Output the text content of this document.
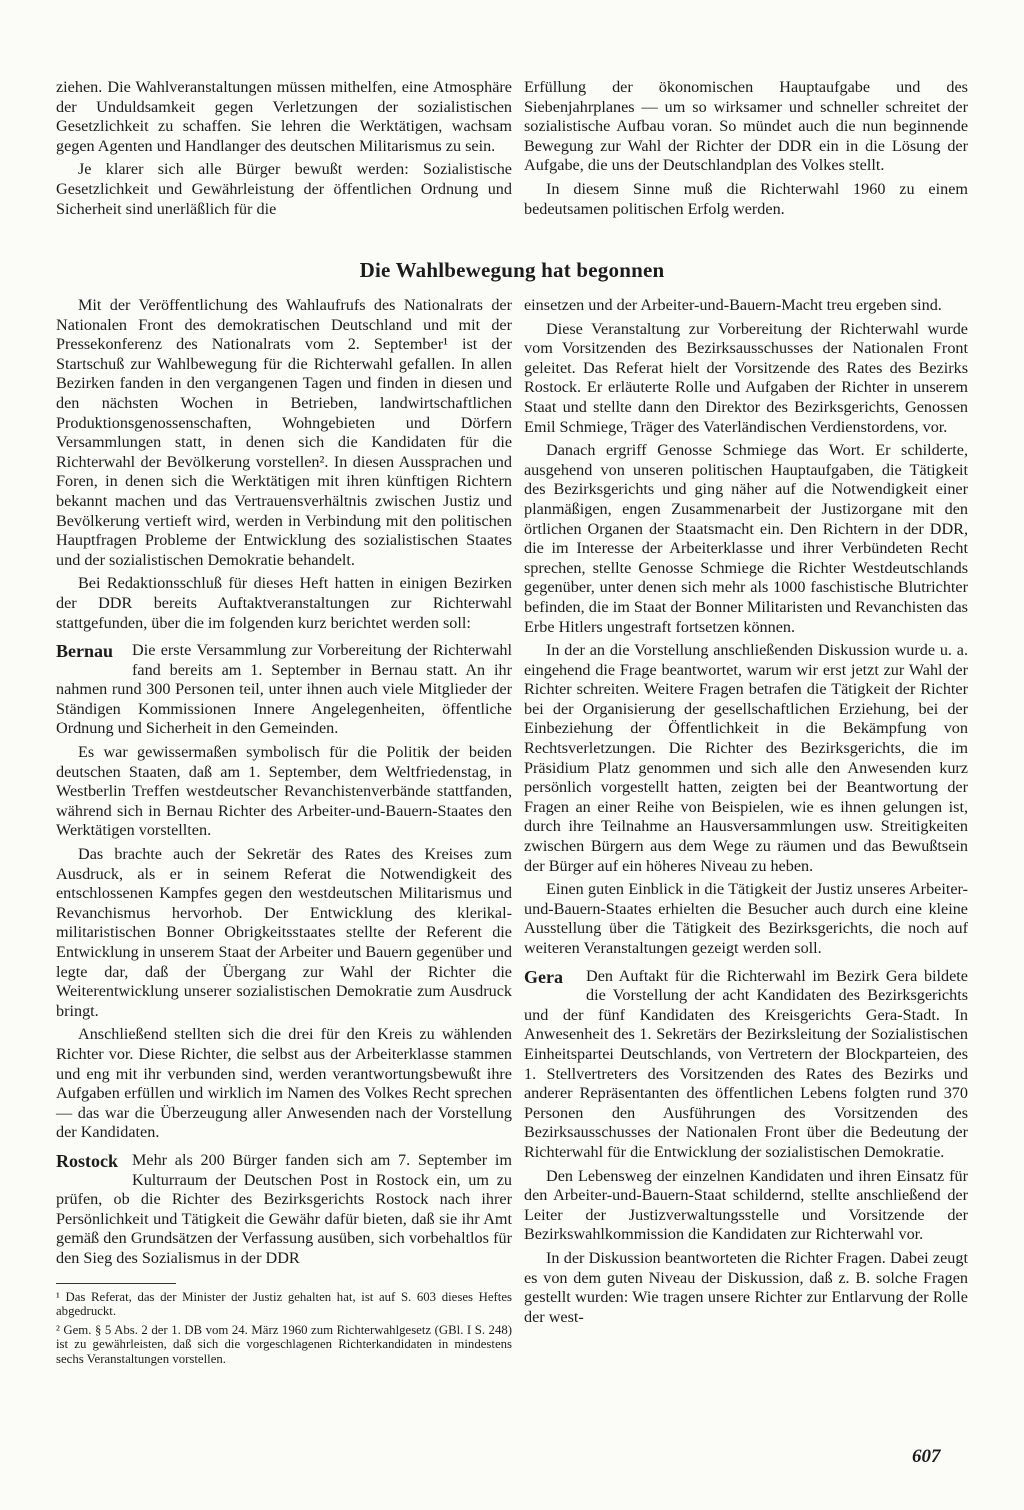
ziehen. Die Wahlveranstaltungen müssen mithelfen, eine Atmosphäre der Unduldsamkeit gegen Verletzungen der sozialistischen Gesetzlichkeit zu schaffen. Sie lehren die Werktätigen, wachsam gegen Agenten und Handlanger des deutschen Militarismus zu sein.

Je klarer sich alle Bürger bewußt werden: Sozialistische Gesetzlichkeit und Gewährleistung der öffentlichen Ordnung und Sicherheit sind unerläßlich für die

Erfüllung der ökonomischen Hauptaufgabe und des Siebenjahrplanes — um so wirksamer und schneller schreitet der sozialistische Aufbau voran. So mündet auch die nun beginnende Bewegung zur Wahl der Richter der DDR ein in die Lösung der Aufgabe, die uns der Deutschlandplan des Volkes stellt.

In diesem Sinne muß die Richterwahl 1960 zu einem bedeutsamen politischen Erfolg werden.

Die Wahlbewegung hat begonnen

Mit der Veröffentlichung des Wahlaufrufs des Nationalrats der Nationalen Front des demokratischen Deutschland und mit der Pressekonferenz des Nationalrats vom 2. September¹ ist der Startschuß zur Wahlbewegung für die Richterwahl gefallen. In allen Bezirken fanden in den vergangenen Tagen und finden in diesen und den nächsten Wochen in Betrieben, landwirtschaftlichen Produktionsgenossenschaften, Wohngebieten und Dörfern Versammlungen statt, in denen sich die Kandidaten für die Richterwahl der Bevölkerung vorstellen². In diesen Aussprachen und Foren, in denen sich die Werktätigen mit ihren künftigen Richtern bekannt machen und das Vertrauensverhältnis zwischen Justiz und Bevölkerung vertieft wird, werden in Verbindung mit den politischen Hauptfragen Probleme der Entwicklung des sozialistischen Staates und der sozialistischen Demokratie behandelt.

Bei Redaktionsschluß für dieses Heft hatten in einigen Bezirken der DDR bereits Auftaktveranstaltungen zur Richterwahl stattgefunden, über die im folgenden kurz berichtet werden soll:

Bernau	Die erste Versammlung zur Vorbereitung der Richterwahl fand bereits am 1. September in Bernau statt. An ihr nahmen rund 300 Personen teil, unter ihnen auch viele Mitglieder der Ständigen Kommissionen Innere Angelegenheiten, öffentliche Ordnung und Sicherheit in den Gemeinden.

Es war gewissermaßen symbolisch für die Politik der beiden deutschen Staaten, daß am 1. September, dem Weltfriedenstag, in Westberlin Treffen westdeutscher Revanchistenverbände stattfanden, während sich in Bernau Richter des Arbeiter-und-Bauern-Staates den Werktätigen vorstellten.

Das brachte auch der Sekretär des Rates des Kreises zum Ausdruck, als er in seinem Referat die Notwendigkeit des entschlossenen Kampfes gegen den westdeutschen Militarismus und Revanchismus hervorhob. Der Entwicklung des klerikal-militaristischen Bonner Obrigkeitsstaates stellte der Referent die Entwicklung in unserem Staat der Arbeiter und Bauern gegenüber und legte dar, daß der Übergang zur Wahl der Richter die Weiterentwicklung unserer sozialistischen Demokratie zum Ausdruck bringt.

Anschließend stellten sich die drei für den Kreis zu wählenden Richter vor. Diese Richter, die selbst aus der Arbeiterklasse stammen und eng mit ihr verbunden sind, werden verantwortungsbewußt ihre Aufgaben erfüllen und wirklich im Namen des Volkes Recht sprechen — das war die Überzeugung aller Anwesenden nach der Vorstellung der Kandidaten.

Rostock Mehr als 200 Bürger fanden sich am 7. September im Kulturraum der Deutschen Post in Rostock ein, um zu prüfen, ob die Richter des Bezirksgerichts Rostock nach ihrer Persönlichkeit und Tätigkeit die Gewähr dafür bieten, daß sie ihr Amt gemäß den Grundsätzen der Verfassung ausüben, sich vorbehaltlos für den Sieg des Sozialismus in der DDR

¹ Das Referat, das der Minister der Justiz gehalten hat, ist auf S. 603 dieses Heftes abgedruckt.

² Gem. § 5 Abs. 2 der 1. DB vom 24. März 1960 zum Richterwahlgesetz (GBl. I S. 248) ist zu gewährleisten, daß sich die vorgeschlagenen Richterkandidaten in mindestens sechs Veranstaltungen vorstellen.

einsetzen und der Arbeiter-und-Bauern-Macht treu ergeben sind.

Diese Veranstaltung zur Vorbereitung der Richterwahl wurde vom Vorsitzenden des Bezirksausschusses der Nationalen Front geleitet. Das Referat hielt der Vorsitzende des Rates des Bezirks Rostock. Er erläuterte Rolle und Aufgaben der Richter in unserem Staat und stellte dann den Direktor des Bezirksgerichts, Genossen Emil Schmiege, Träger des Vaterländischen Verdienstordens, vor.

Danach ergriff Genosse Schmiege das Wort. Er schilderte, ausgehend von unseren politischen Hauptaufgaben, die Tätigkeit des Bezirksgerichts und ging näher auf die Notwendigkeit einer planmäßigen, engen Zusammenarbeit der Justizorgane mit den örtlichen Organen der Staatsmacht ein. Den Richtern in der DDR, die im Interesse der Arbeiterklasse und ihrer Verbündeten Recht sprechen, stellte Genosse Schmiege die Richter Westdeutschlands gegenüber, unter denen sich mehr als 1000 faschistische Blutrichter befinden, die im Staat der Bonner Militaristen und Revanchisten das Erbe Hitlers ungestraft fortsetzen können.

In der an die Vorstellung anschließenden Diskussion wurde u. a. eingehend die Frage beantwortet, warum wir erst jetzt zur Wahl der Richter schreiten. Weitere Fragen betrafen die Tätigkeit der Richter bei der Organisierung der gesellschaftlichen Erziehung, bei der Einbeziehung der Öffentlichkeit in die Bekämpfung von Rechtsverletzungen. Die Richter des Bezirksgerichts, die im Präsidium Platz genommen und sich alle den Anwesenden kurz persönlich vorgestellt hatten, zeigten bei der Beantwortung der Fragen an einer Reihe von Beispielen, wie es ihnen gelungen ist, durch ihre Teilnahme an Hausversammlungen usw. Streitigkeiten zwischen Bürgern aus dem Wege zu räumen und das Bewußtsein der Bürger auf ein höheres Niveau zu heben.

Einen guten Einblick in die Tätigkeit der Justiz unseres Arbeiter-und-Bauern-Staates erhielten die Besucher auch durch eine kleine Ausstellung über die Tätigkeit des Bezirksgerichts, die noch auf weiteren Veranstaltungen gezeigt werden soll.

Gera	Den Auftakt für die Richterwahl im Bezirk Gera bildete die Vorstellung der acht Kandidaten des Bezirksgerichts und der fünf Kandidaten des Kreisgerichts Gera-Stadt. In Anwesenheit des 1. Sekretärs der Bezirksleitung der Sozialistischen Einheitspartei Deutschlands, von Vertretern der Blockparteien, des 1. Stellvertreters des Vorsitzenden des Rates des Bezirks und anderer Repräsentanten des öffentlichen Lebens folgten rund 370 Personen den Ausführungen des Vorsitzenden des Bezirksausschusses der Nationalen Front über die Bedeutung der Richterwahl für die Entwicklung der sozialistischen Demokratie.

Den Lebensweg der einzelnen Kandidaten und ihren Einsatz für den Arbeiter-und-Bauern-Staat schildernd, stellte anschließend der Leiter der Justizverwaltungsstelle und Vorsitzende der Bezirkswahlkommission die Kandidaten zur Richterwahl vor.

In der Diskussion beantworteten die Richter Fragen. Dabei zeugt es von dem guten Niveau der Diskussion, daß z. B. solche Fragen gestellt wurden: Wie tragen unsere Richter zur Entlarvung der Rolle der west-

607
